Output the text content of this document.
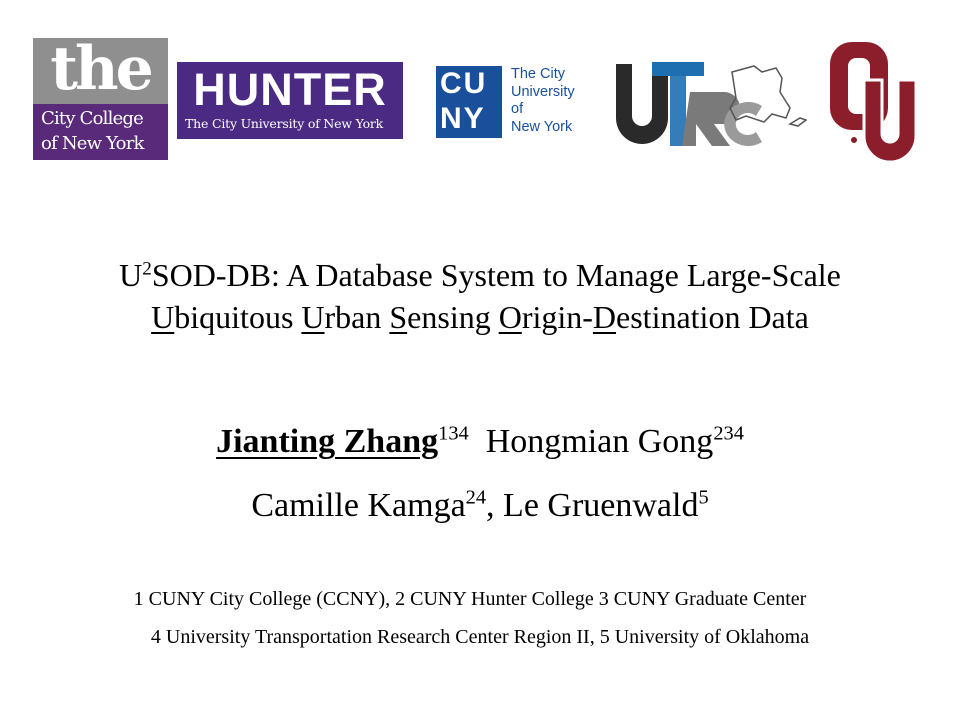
the
City College
of New York
HUNTER
The City University of New York
CU
NY
The City
University
of
New York
$U^2SOD-DB$: A Database System to Manage Large-Scale
Ubiquitous Urban Sensing Origin-Destination Data
Jianting Zhang$^{134}$ Hongmian Gong$^{234}$
Camille Kamga$^{24}$, Le Gruenwald$^5$
1 CUNY City College (CCNY), 2 CUNY Hunter College 3 CUNY Graduate Center
4 University Transportation Research Center Region II, 5 University of Oklahoma
